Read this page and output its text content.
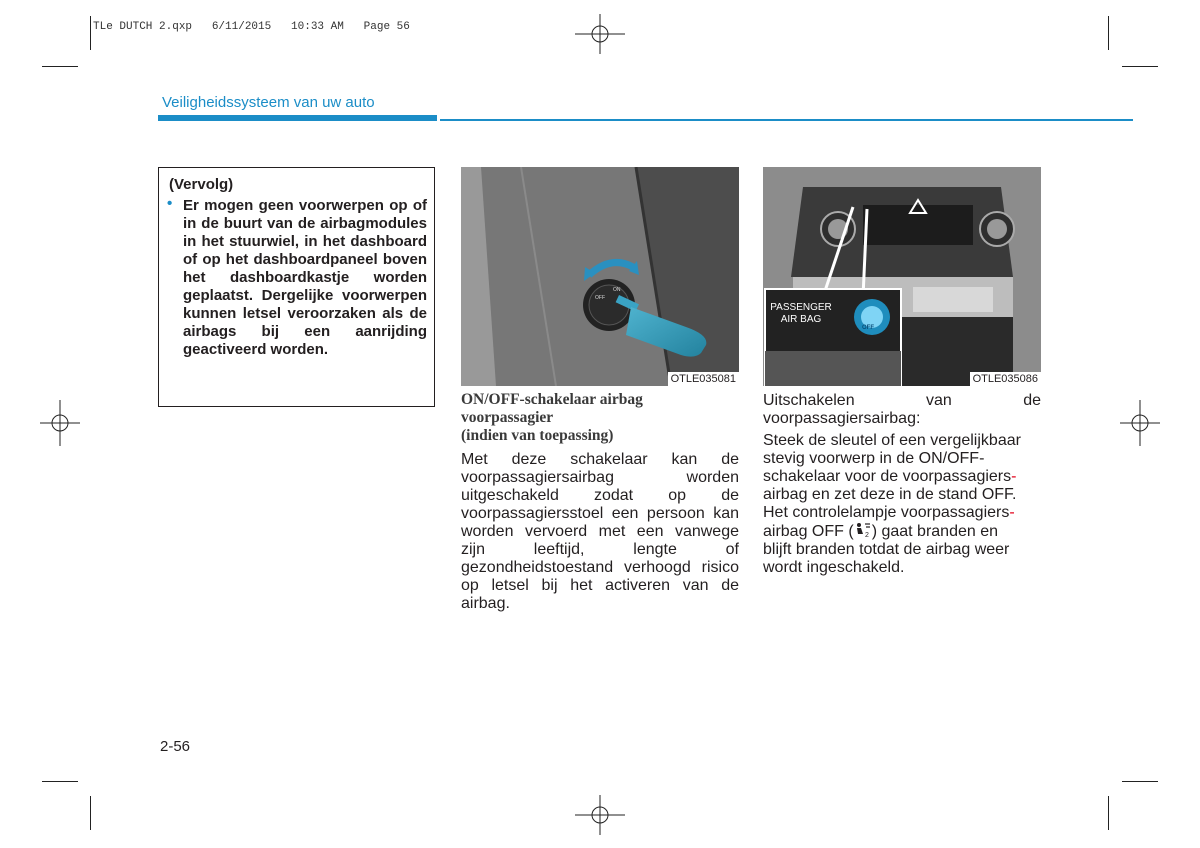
TLe DUTCH 2.qxp   6/11/2015   10:33 AM   Page 56
Veiligheidssysteem van uw auto
(Vervolg)
• Er mogen geen voorwerpen op of in de buurt van de airbagmodules in het stuurwiel, in het dashboard of op het dashboardpaneel boven het dashboardkastje worden geplaatst. Dergelijke voorwerpen kunnen letsel veroorzaken als de airbags bij een aanrijding geactiveerd worden.
OFF
ON
OTLE035081
PASSENGER AIR BAG
OFF
OTLE035086
ON/OFF-schakelaar airbag
voorpassagier
(indien van toepassing)
Met deze schakelaar kan de voorpassagiersairbag worden uitgeschakeld zodat op de voorpassagiersstoel een persoon kan worden vervoerd met een vanwege zijn leeftijd, lengte of gezondheidstoestand verhoogd risico op letsel bij het activeren van de airbag.
Uitschakelen van de voorpassagiersairbag:
Steek de sleutel of een vergelijkbaar
stevig voorwerp in de ON/OFF-
schakelaar voor de voorpassagiers-
airbag en zet deze in de stand OFF.
Het controlelampje voorpassagiers-
airbag OFF ( 2 ) gaat branden en
blijft branden totdat de airbag weer
wordt ingeschakeld.
2-56
